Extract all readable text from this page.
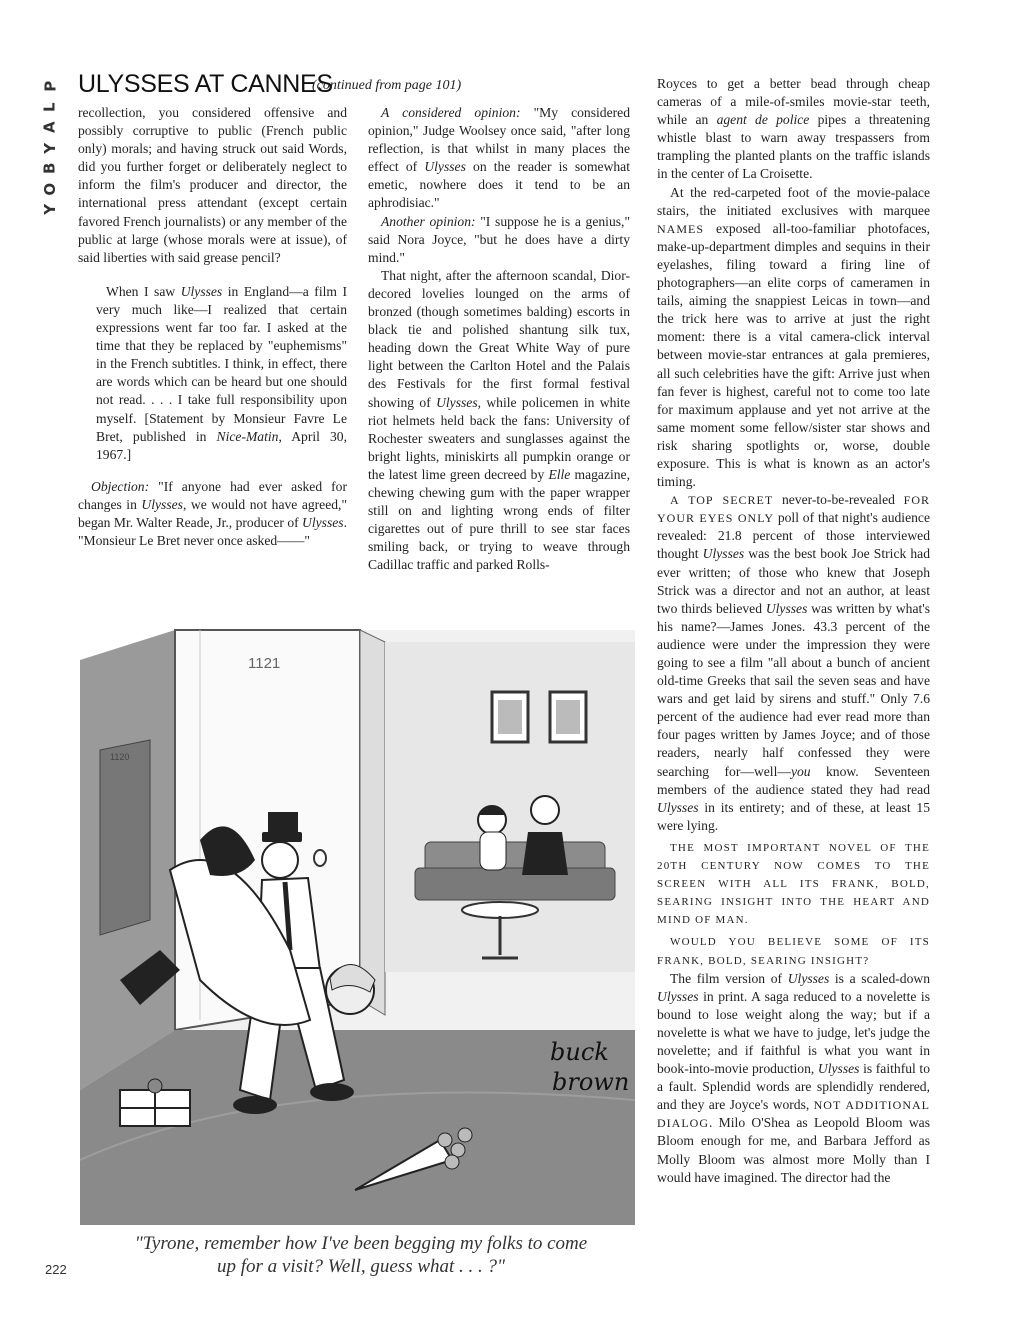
P
L
A
Y
B
O
Y
ULYSSES AT CANNES
(continued from page 101)

recollection, you considered offensive and possibly corruptive to public (French public only) morals; and having struck out said Words, did you further forget or deliberately neglect to inform the film's producer and director, the international press attendant (except certain favored French journalists) or any member of the public at large (whose morals were at issue), of said liberties with said grease pencil?

When I saw Ulysses in England—a film I very much like—I realized that certain expressions went far too far. I asked at the time that they be replaced by "euphemisms" in the French subtitles. I think, in effect, there are words which can be heard but one should not read. . . . I take full responsibility upon myself. [Statement by Monsieur Favre Le Bret, published in Nice-Matin, April 30, 1967.]

Objection: "If anyone had ever asked for changes in Ulysses, we would not have agreed," began Mr. Walter Reade, Jr., producer of Ulysses. "Monsieur Le Bret never once asked——"

A considered opinion: "My considered opinion," Judge Woolsey once said, "after long reflection, is that whilst in many places the effect of Ulysses on the reader is somewhat emetic, nowhere does it tend to be an aphrodisiac."

Another opinion: "I suppose he is a genius," said Nora Joyce, "but he does have a dirty mind."

That night, after the afternoon scandal, Dior-decored lovelies lounged on the arms of bronzed (though sometimes balding) escorts in black tie and polished shantung silk tux, heading down the Great White Way of pure light between the Carlton Hotel and the Palais des Festivals for the first formal festival showing of Ulysses, while policemen in white riot helmets held back the fans: University of Rochester sweaters and sunglasses against the bright lights, miniskirts all pumpkin orange or the latest lime green decreed by Elle magazine, chewing chewing gum with the paper wrapper still on and lighting wrong ends of filter cigarettes out of pure thrill to see star faces smiling back, or trying to weave through Cadillac traffic and parked Rolls-

Royces to get a better bead through cheap cameras of a mile-of-smiles movie-star teeth, while an agent de police pipes a threatening whistle blast to warn away trespassers from trampling the planted plants on the traffic islands in the center of La Croisette.

At the red-carpeted foot of the movie-palace stairs, the initiated exclusives with marquee NAMES exposed all-too-familiar photofaces, make-up-department dimples and sequins in their eyelashes, filing toward a firing line of photographers—an elite corps of cameramen in tails, aiming the snappiest Leicas in town—and the trick here was to arrive at just the right moment: there is a vital camera-click interval between movie-star entrances at gala premieres, all such celebrities have the gift: Arrive just when fan fever is highest, careful not to come too late for maximum applause and yet not arrive at the same moment some fellow/sister star shows and risk sharing spotlights or, worse, double exposure. This is what is known as an actor's timing.

A TOP SECRET never-to-be-revealed FOR YOUR EYES ONLY poll of that night's audience revealed: 21.8 percent of those interviewed thought Ulysses was the best book Joe Strick had ever written; of those who knew that Joseph Strick was a director and not an author, at least two thirds believed Ulysses was written by what's his name?—James Jones. 43.3 percent of the audience were under the impression they were going to see a film "all about a bunch of ancient old-time Greeks that sail the seven seas and have wars and get laid by sirens and stuff." Only 7.6 percent of the audience had ever read more than four pages written by James Joyce; and of those readers, nearly half confessed they were searching for—well—you know. Seventeen members of the audience stated they had read Ulysses in its entirety; and of these, at least 15 were lying.

THE MOST IMPORTANT NOVEL OF THE 20TH CENTURY NOW COMES TO THE SCREEN WITH ALL ITS FRANK, BOLD, SEARING INSIGHT INTO THE HEART AND MIND OF MAN.

WOULD YOU BELIEVE SOME OF ITS FRANK, BOLD, SEARING INSIGHT?

The film version of Ulysses is a scaled-down Ulysses in print. A saga reduced to a novelette is bound to lose weight along the way; but if a novelette is what we have to judge, let's judge the novelette; and if faithful is what you want in book-into-movie production, Ulysses is faithful to a fault. Splendid words are splendidly rendered, and they are Joyce's words, NOT ADDITIONAL DIALOG. Milo O'Shea as Leopold Bloom was Bloom enough for me, and Barbara Jefford as Molly Bloom was almost more Molly than I would have imagined. The director had the

1120
1121
buck
brown
"Tyrone, remember how I've been begging my folks to come
up for a visit? Well, guess what . . . ?"
222
